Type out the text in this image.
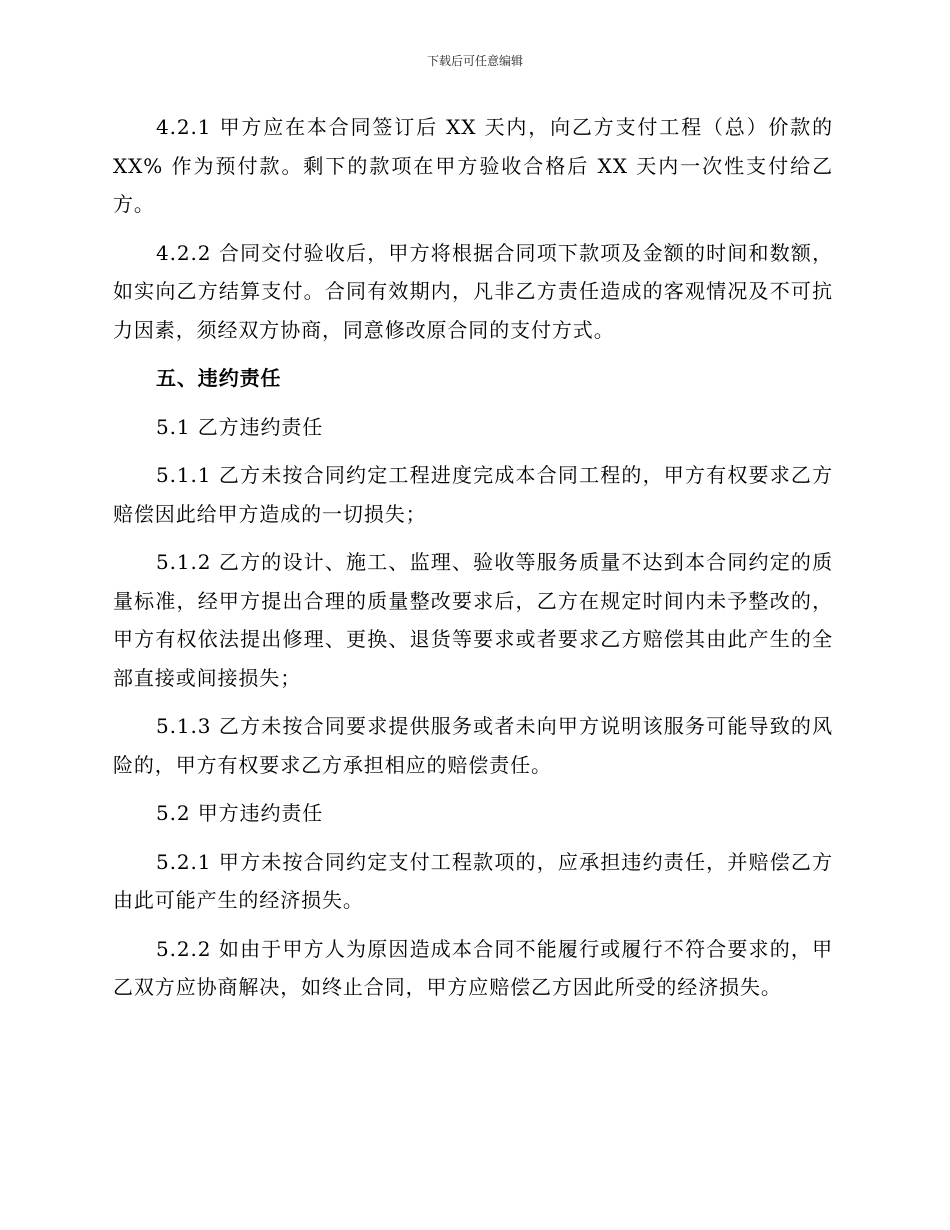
下载后可任意编辑

4.2.1 甲方应在本合同签订后 XX 天内，向乙方支付工程（总）价款的 XX% 作为预付款。剩下的款项在甲方验收合格后 XX 天内一次性支付给乙方。

4.2.2 合同交付验收后，甲方将根据合同项下款项及金额的时间和数额，如实向乙方结算支付。合同有效期内，凡非乙方责任造成的客观情况及不可抗力因素，须经双方协商，同意修改原合同的支付方式。

五、违约责任

5.1 乙方违约责任

5.1.1 乙方未按合同约定工程进度完成本合同工程的，甲方有权要求乙方赔偿因此给甲方造成的一切损失；

5.1.2 乙方的设计、施工、监理、验收等服务质量不达到本合同约定的质量标准，经甲方提出合理的质量整改要求后，乙方在规定时间内未予整改的，甲方有权依法提出修理、更换、退货等要求或者要求乙方赔偿其由此产生的全部直接或间接损失；

5.1.3 乙方未按合同要求提供服务或者未向甲方说明该服务可能导致的风险的，甲方有权要求乙方承担相应的赔偿责任。

5.2 甲方违约责任

5.2.1 甲方未按合同约定支付工程款项的，应承担违约责任，并赔偿乙方由此可能产生的经济损失。

5.2.2 如由于甲方人为原因造成本合同不能履行或履行不符合要求的，甲乙双方应协商解决，如终止合同，甲方应赔偿乙方因此所受的经济损失。
